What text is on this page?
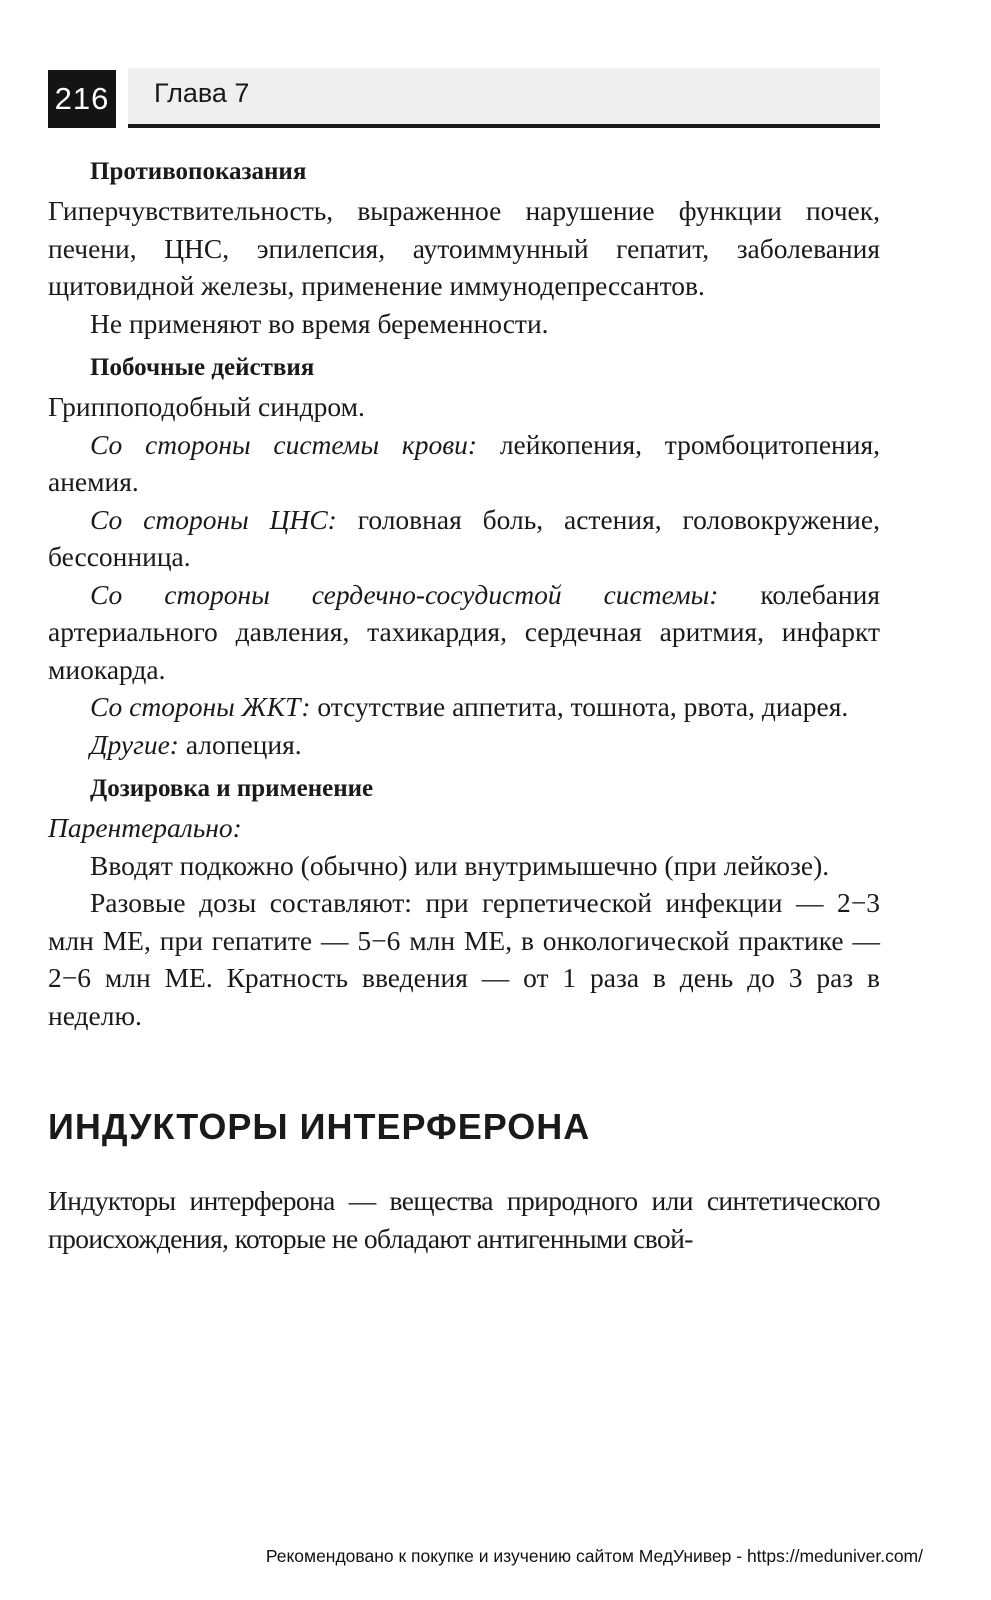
216 Глава 7
Противопоказания

Гиперчувствительность, выраженное нарушение функции почек, печени, ЦНС, эпилепсия, аутоиммунный гепатит, заболевания щитовидной железы, применение иммунодепрессантов.

Не применяют во время беременности.

Побочные действия

Гриппоподобный синдром.

Со стороны системы крови: лейкопения, тромбоцитопения, анемия.

Со стороны ЦНС: головная боль, астения, головокружение, бессонница.

Со стороны сердечно-сосудистой системы: колебания артериального давления, тахикардия, сердечная аритмия, инфаркт миокарда.

Со стороны ЖКТ: отсутствие аппетита, тошнота, рвота, диарея.

Другие: алопеция.

Дозировка и применение

Парентерально:

Вводят подкожно (обычно) или внутримышечно (при лейкозе).

Разовые дозы составляют: при герпетической инфекции — 2−3 млн МЕ, при гепатите — 5−6 млн МЕ, в онкологической практике — 2−6 млн МЕ. Кратность введения — от 1 раза в день до 3 раз в неделю.

ИНДУКТОРЫ ИНТЕРФЕРОНА

Индукторы интерферона — вещества природного или синтетического происхождения, которые не обладают антигенными свой-

Рекомендовано к покупке и изучению сайтом МедУнивер - https://meduniver.com/
